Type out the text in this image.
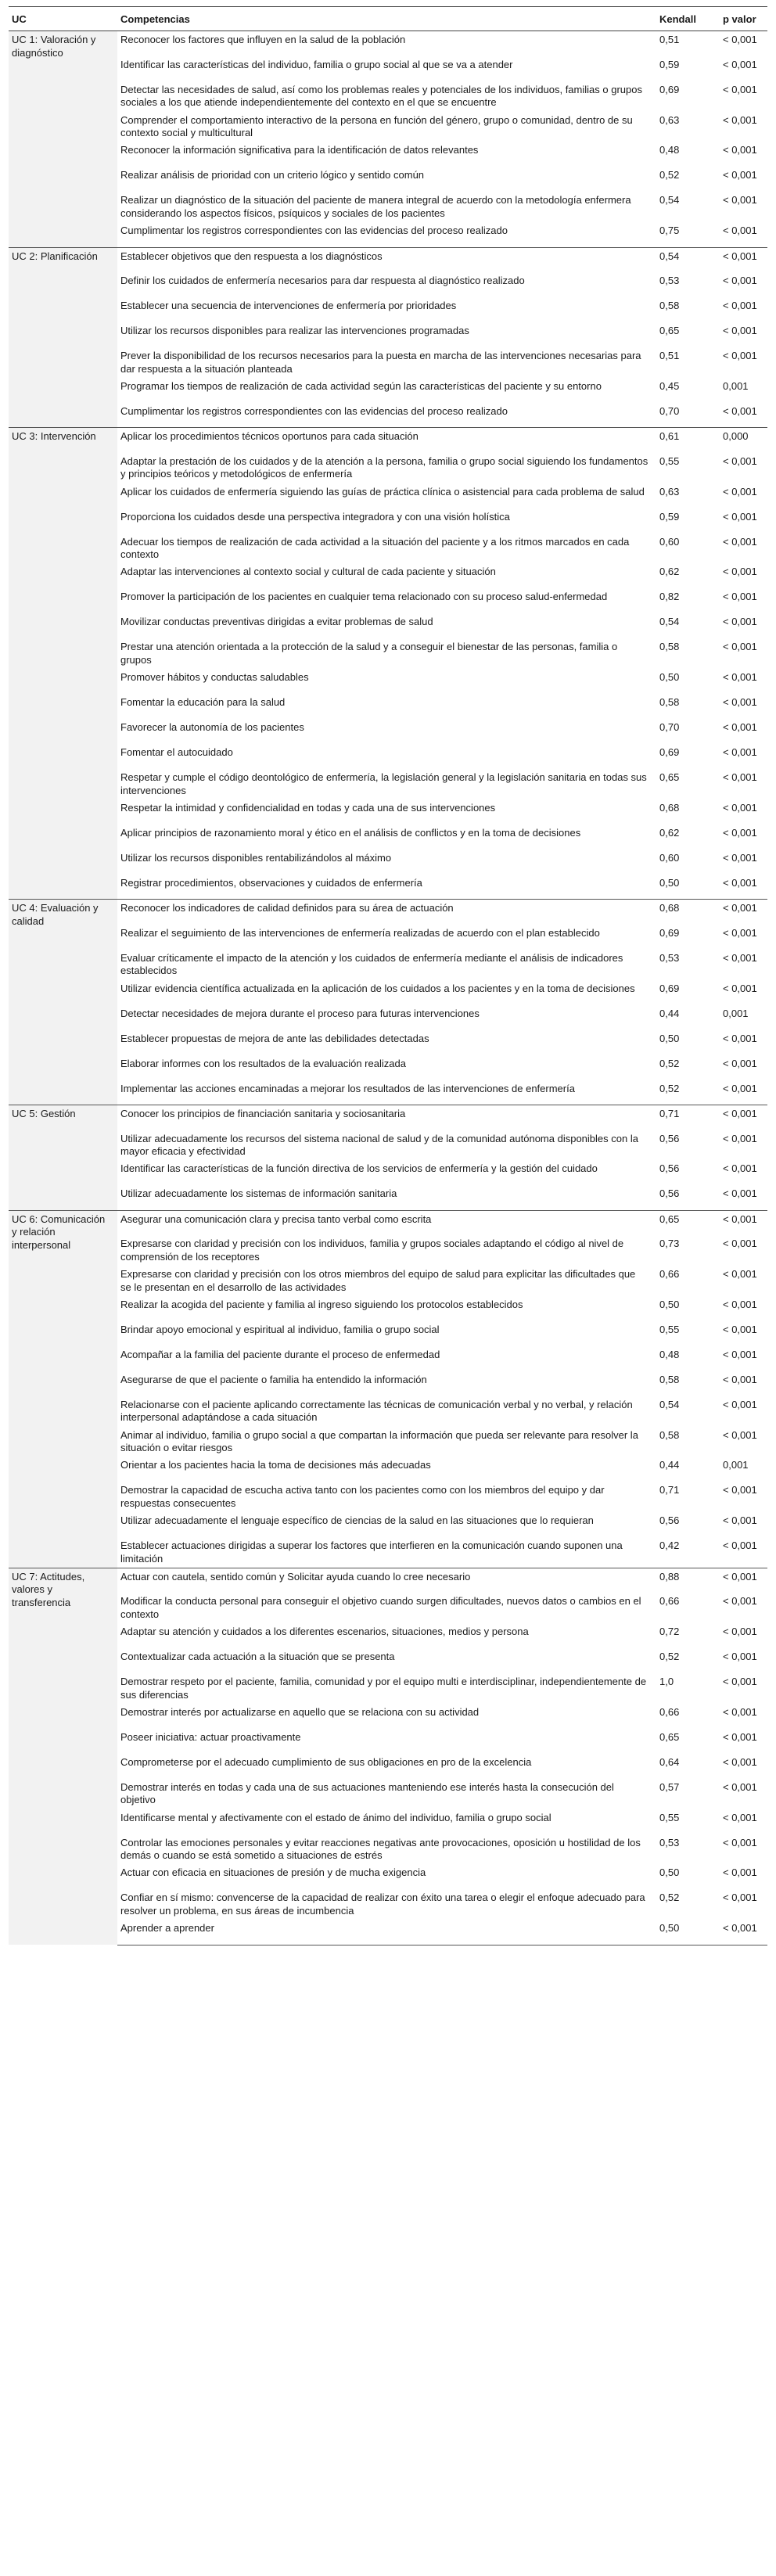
UC	Competencias	Kendall	p valor
UC 1: Valoración y diagnóstico	Reconocer los factores que influyen en la salud de la población	0,51	< 0,001
	Identificar las características del individuo, familia o grupo social al que se va a atender	0,59	< 0,001
	Detectar las necesidades de salud, así como los problemas reales y potenciales de los individuos, familias o grupos sociales a los que atiende independientemente del contexto en el que se encuentre	0,69	< 0,001
	Comprender el comportamiento interactivo de la persona en función del género, grupo o comunidad, dentro de su contexto social y multicultural	0,63	< 0,001
	Reconocer la información significativa para la identificación de datos relevantes	0,48	< 0,001
	Realizar análisis de prioridad con un criterio lógico y sentido común	0,52	< 0,001
	Realizar un diagnóstico de la situación del paciente de manera integral de acuerdo con la metodología enfermera considerando los aspectos físicos, psíquicos y sociales de los pacientes	0,54	< 0,001
	Cumplimentar los registros correspondientes con las evidencias del proceso realizado	0,75	< 0,001
UC 2: Planificación	Establecer objetivos que den respuesta a los diagnósticos	0,54	< 0,001
	Definir los cuidados de enfermería necesarios para dar respuesta al diagnóstico realizado	0,53	< 0,001
	Establecer una secuencia de intervenciones de enfermería por prioridades	0,58	< 0,001
	Utilizar los recursos disponibles para realizar las intervenciones programadas	0,65	< 0,001
	Prever la disponibilidad de los recursos necesarios para la puesta en marcha de las intervenciones necesarias para dar respuesta a la situación planteada	0,51	< 0,001
	Programar los tiempos de realización de cada actividad según las características del paciente y su entorno	0,45	0,001
	Cumplimentar los registros correspondientes con las evidencias del proceso realizado	0,70	< 0,001
UC 3: Intervención	Aplicar los procedimientos técnicos oportunos para cada situación	0,61	0,000
	Adaptar la prestación de los cuidados y de la atención a la persona, familia o grupo social siguiendo los fundamentos y principios teóricos y metodológicos de enfermería	0,55	< 0,001
	Aplicar los cuidados de enfermería siguiendo las guías de práctica clínica o asistencial para cada problema de salud	0,63	< 0,001
	Proporciona los cuidados desde una perspectiva integradora y con una visión holística	0,59	< 0,001
	Adecuar los tiempos de realización de cada actividad a la situación del paciente y a los ritmos marcados en cada contexto	0,60	< 0,001
	Adaptar las intervenciones al contexto social y cultural de cada paciente y situación	0,62	< 0,001
	Promover la participación de los pacientes en cualquier tema relacionado con su proceso salud-enfermedad	0,82	< 0,001
	Movilizar conductas preventivas dirigidas a evitar problemas de salud	0,54	< 0,001
	Prestar una atención orientada a la protección de la salud y a conseguir el bienestar de las personas, familia o grupos	0,58	< 0,001
	Promover hábitos y conductas saludables	0,50	< 0,001
	Fomentar la educación para la salud	0,58	< 0,001
	Favorecer la autonomía de los pacientes	0,70	< 0,001
	Fomentar el autocuidado	0,69	< 0,001
	Respetar y cumple el código deontológico de enfermería, la legislación general y la legislación sanitaria en todas sus intervenciones	0,65	< 0,001
	Respetar la intimidad y confidencialidad en todas y cada una de sus intervenciones	0,68	< 0,001
	Aplicar principios de razonamiento moral y ético en el análisis de conflictos y en la toma de decisiones	0,62	< 0,001
	Utilizar los recursos disponibles rentabilizándolos al máximo	0,60	< 0,001
	Registrar procedimientos, observaciones y cuidados de enfermería	0,50	< 0,001
UC 4: Evaluación y calidad	Reconocer los indicadores de calidad definidos para su área de actuación	0,68	< 0,001
	Realizar el seguimiento de las intervenciones de enfermería realizadas de acuerdo con el plan establecido	0,69	< 0,001
	Evaluar críticamente el impacto de la atención y los cuidados de enfermería mediante el análisis de indicadores establecidos	0,53	< 0,001
	Utilizar evidencia científica actualizada en la aplicación de los cuidados a los pacientes y en la toma de decisiones	0,69	< 0,001
	Detectar necesidades de mejora durante el proceso para futuras intervenciones	0,44	0,001
	Establecer propuestas de mejora de ante las debilidades detectadas	0,50	< 0,001
	Elaborar informes con los resultados de la evaluación realizada	0,52	< 0,001
	Implementar las acciones encaminadas a mejorar los resultados de las intervenciones de enfermería	0,52	< 0,001
UC 5: Gestión	Conocer los principios de financiación sanitaria y sociosanitaria	0,71	< 0,001
	Utilizar adecuadamente los recursos del sistema nacional de salud y de la comunidad autónoma disponibles con la mayor eficacia y efectividad	0,56	< 0,001
	Identificar las características de la función directiva de los servicios de enfermería y la gestión del cuidado	0,56	< 0,001
	Utilizar adecuadamente los sistemas de información sanitaria	0,56	< 0,001
UC 6: Comunicación y relación interpersonal	Asegurar una comunicación clara y precisa tanto verbal como escrita	0,65	< 0,001
	Expresarse con claridad y precisión con los individuos, familia y grupos sociales adaptando el código al nivel de comprensión de los receptores	0,73	< 0,001
	Expresarse con claridad y precisión con los otros miembros del equipo de salud para explicitar las dificultades que se le presentan en el desarrollo de las actividades	0,66	< 0,001
	Realizar la acogida del paciente y familia al ingreso siguiendo los protocolos establecidos	0,50	< 0,001
	Brindar apoyo emocional y espiritual al individuo, familia o grupo social	0,55	< 0,001
	Acompañar a la familia del paciente durante el proceso de enfermedad	0,48	< 0,001
	Asegurarse de que el paciente o familia ha entendido la información	0,58	< 0,001
	Relacionarse con el paciente aplicando correctamente las técnicas de comunicación verbal y no verbal, y relación interpersonal adaptándose a cada situación	0,54	< 0,001
	Animar al individuo, familia o grupo social a que compartan la información que pueda ser relevante para resolver la situación o evitar riesgos	0,58	< 0,001
	Orientar a los pacientes hacia la toma de decisiones más adecuadas	0,44	0,001
	Demostrar la capacidad de escucha activa tanto con los pacientes como con los miembros del equipo y dar respuestas consecuentes	0,71	< 0,001
	Utilizar adecuadamente el lenguaje específico de ciencias de la salud en las situaciones que lo requieran	0,56	< 0,001
	Establecer actuaciones dirigidas a superar los factores que interfieren en la comunicación cuando suponen una limitación	0,42	< 0,001
UC 7: Actitudes, valores y transferencia	Actuar con cautela, sentido común y Solicitar ayuda cuando lo cree necesario	0,88	< 0,001
	Modificar la conducta personal para conseguir el objetivo cuando surgen dificultades, nuevos datos o cambios en el contexto	0,66	< 0,001
	Adaptar su atención y cuidados a los diferentes escenarios, situaciones, medios y persona	0,72	< 0,001
	Contextualizar cada actuación a la situación que se presenta	0,52	< 0,001
	Demostrar respeto por el paciente, familia, comunidad y por el equipo multi e interdisciplinar, independientemente de sus diferencias	1,0	< 0,001
	Demostrar interés por actualizarse en aquello que se relaciona con su actividad	0,66	< 0,001
	Poseer iniciativa: actuar proactivamente	0,65	< 0,001
	Comprometerse por el adecuado cumplimiento de sus obligaciones en pro de la excelencia	0,64	< 0,001
	Demostrar interés en todas y cada una de sus actuaciones manteniendo ese interés hasta la consecución del objetivo	0,57	< 0,001
	Identificarse mental y afectivamente con el estado de ánimo del individuo, familia o grupo social	0,55	< 0,001
	Controlar las emociones personales y evitar reacciones negativas ante provocaciones, oposición u hostilidad de los demás o cuando se está sometido a situaciones de estrés	0,53	< 0,001
	Actuar con eficacia en situaciones de presión y de mucha exigencia	0,50	< 0,001
	Confiar en sí mismo: convencerse de la capacidad de realizar con éxito una tarea o elegir el enfoque adecuado para resolver un problema, en sus áreas de incumbencia	0,52	< 0,001
	Aprender a aprender	0,50	< 0,001
